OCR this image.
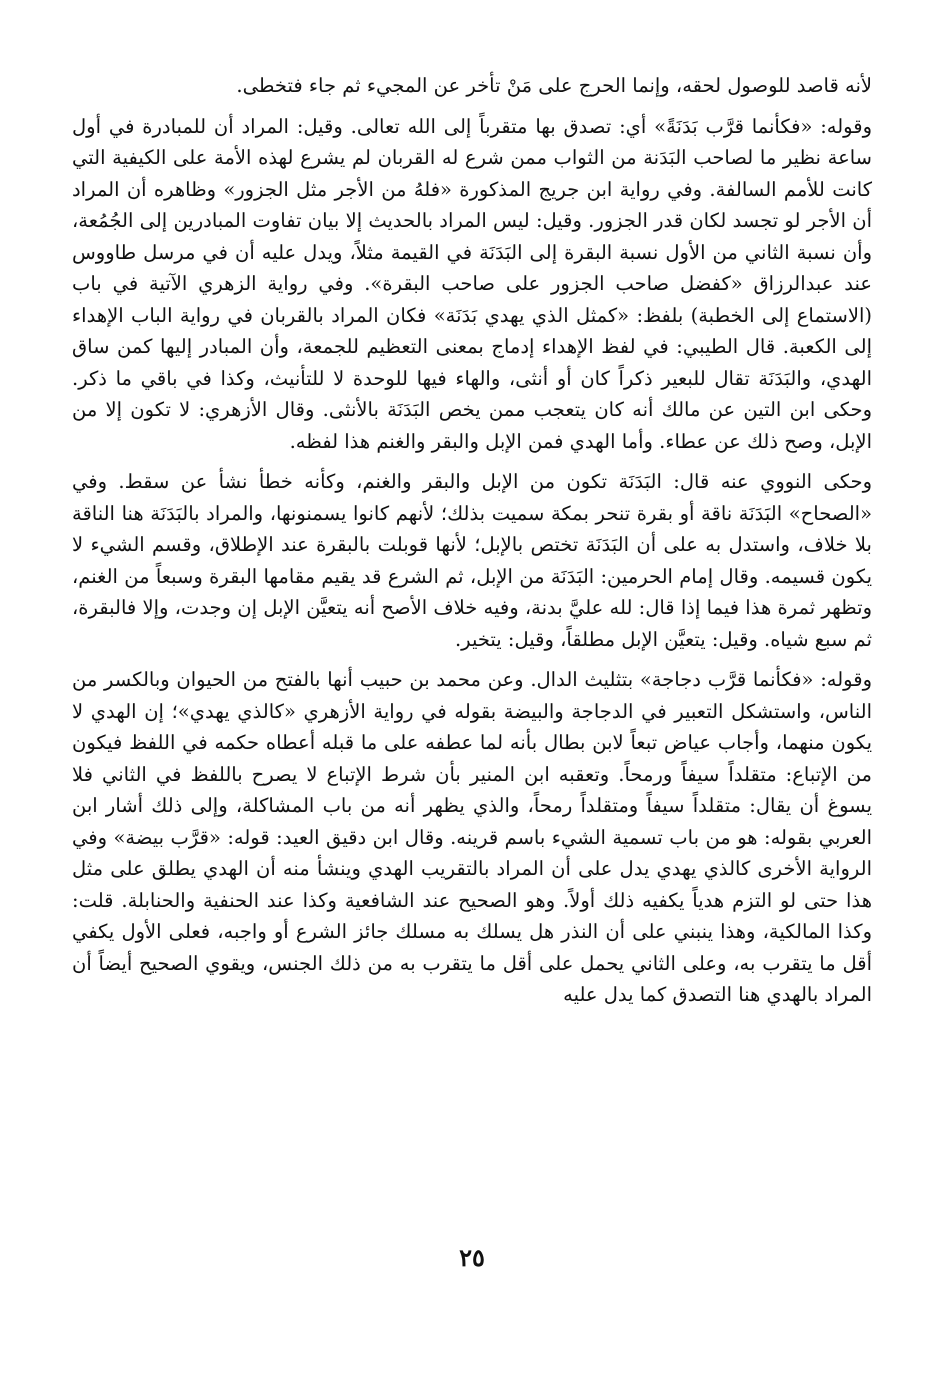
لأنه قاصد للوصول لحقه، وإنما الحرج على مَنْ تأخر عن المجيء ثم جاء فتخطى.

وقوله: «فكأنما قرَّب بَدَنَةً» أي: تصدق بها متقرباً إلى الله تعالى. وقيل: المراد أن للمبادرة في أول ساعة نظير ما لصاحب البَدَنة من الثواب ممن شرع له القربان لم يشرع لهذه الأمة على الكيفية التي كانت للأمم السالفة. وفي رواية ابن جريج المذكورة «فلهُ من الأجر مثل الجزور» وظاهره أن المراد أن الأجر لو تجسد لكان قدر الجزور. وقيل: ليس المراد بالحديث إلا بيان تفاوت المبادرين إلى الجُمُعة، وأن نسبة الثاني من الأول نسبة البقرة إلى البَدَنَة في القيمة مثلاً، ويدل عليه أن في مرسل طاووس عند عبدالرزاق «كفضل صاحب الجزور على صاحب البقرة». وفي رواية الزهري الآتية في باب (الاستماع إلى الخطبة) بلفظ: «كمثل الذي يهدي بَدَنَة» فكان المراد بالقربان في رواية الباب الإهداء إلى الكعبة. قال الطيبي: في لفظ الإهداء إدماج بمعنى التعظيم للجمعة، وأن المبادر إليها كمن ساق الهدي، والبَدَنَة تقال للبعير ذكراً كان أو أنثى، والهاء فيها للوحدة لا للتأنيث، وكذا في باقي ما ذكر. وحكى ابن التين عن مالك أنه كان يتعجب ممن يخص البَدَنَة بالأنثى. وقال الأزهري: لا تكون إلا من الإبل، وصح ذلك عن عطاء. وأما الهدي فمن الإبل والبقر والغنم هذا لفظه.

وحكى النووي عنه قال: البَدَنَة تكون من الإبل والبقر والغنم، وكأنه خطأ نشأ عن سقط. وفي «الصحاح» البَدَنَة ناقة أو بقرة تنحر بمكة سميت بذلك؛ لأنهم كانوا يسمنونها، والمراد بالبَدَنَة هنا الناقة بلا خلاف، واستدل به على أن البَدَنَة تختص بالإبل؛ لأنها قوبلت بالبقرة عند الإطلاق، وقسم الشيء لا يكون قسيمه. وقال إمام الحرمين: البَدَنَة من الإبل، ثم الشرع قد يقيم مقامها البقرة وسبعاً من الغنم، وتظهر ثمرة هذا فيما إذا قال: لله عليَّ بدنة، وفيه خلاف الأصح أنه يتعيَّن الإبل إن وجدت، وإلا فالبقرة، ثم سبع شياه. وقيل: يتعيَّن الإبل مطلقاً، وقيل: يتخير.

وقوله: «فكأنما قرَّب دجاجة» بتثليث الدال. وعن محمد بن حبيب أنها بالفتح من الحيوان وبالكسر من الناس، واستشكل التعبير في الدجاجة والبيضة بقوله في رواية الأزهري «كالذي يهدي»؛ إن الهدي لا يكون منهما، وأجاب عياض تبعاً لابن بطال بأنه لما عطفه على ما قبله أعطاه حكمه في اللفظ فيكون من الإتباع: متقلداً سيفاً ورمحاً. وتعقبه ابن المنير بأن شرط الإتباع لا يصرح باللفظ في الثاني فلا يسوغ أن يقال: متقلداً سيفاً ومتقلداً رمحاً، والذي يظهر أنه من باب المشاكلة، وإلى ذلك أشار ابن العربي بقوله: هو من باب تسمية الشيء باسم قرينه. وقال ابن دقيق العيد: قوله: «قرَّب بيضة» وفي الرواية الأخرى كالذي يهدي يدل على أن المراد بالتقريب الهدي وينشأ منه أن الهدي يطلق على مثل هذا حتى لو التزم هدياً يكفيه ذلك أولاً. وهو الصحيح عند الشافعية وكذا عند الحنفية والحنابلة. قلت: وكذا المالكية، وهذا ينبني على أن النذر هل يسلك به مسلك جائز الشرع أو واجبه، فعلى الأول يكفي أقل ما يتقرب به، وعلى الثاني يحمل على أقل ما يتقرب به من ذلك الجنس، ويقوي الصحيح أيضاً أن المراد بالهدي هنا التصدق كما يدل عليه

٢٥
